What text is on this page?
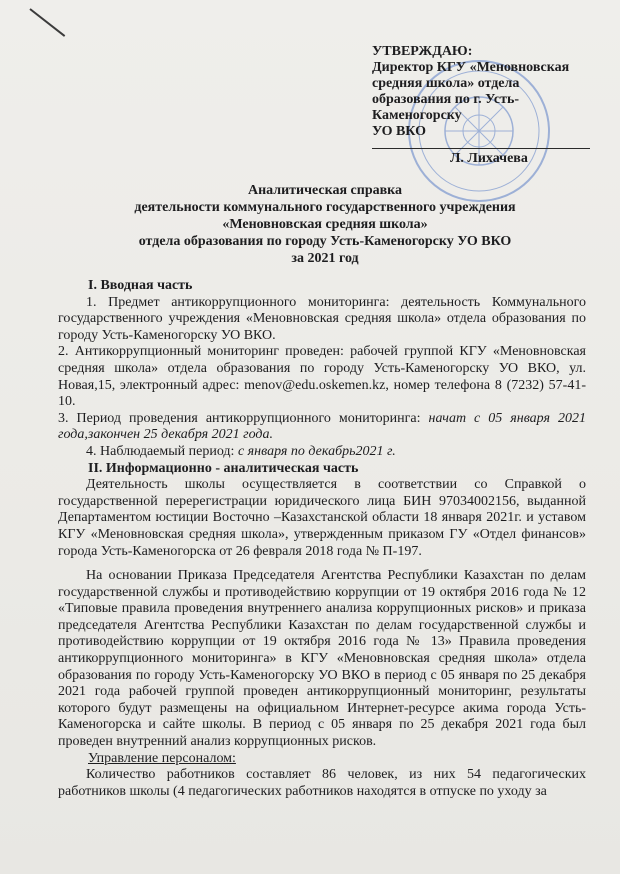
УТВЕРЖДАЮ:
Директор КГУ «Меновновская
средняя школа» отдела
образования по г. Усть-
Каменогорску
УО ВКО
Л. Лихачева
Аналитическая справка
деятельности коммунального государственного учреждения
«Меновновская средняя школа»
отдела образования по городу Усть-Каменогорску УО ВКО
за 2021 год

I. Вводная часть

1. Предмет антикоррупционного мониторинга: деятельность Коммунального государственного учреждения «Меновновская средняя школа» отдела образования по городу Усть-Каменогорску УО ВКО.

2. Антикоррупционный мониторинг проведен: рабочей группой КГУ «Меновновская средняя школа» отдела образования по городу Усть-Каменогорску УО ВКО, ул. Новая,15, электронный адрес: menov@edu.oskemen.kz, номер телефона 8 (7232) 57-41-10.

3. Период проведения антикоррупционного мониторинга: начат с 05 января 2021 года,закончен 25 декабря 2021 года.

4. Наблюдаемый период: с января по декабрь2021 г.

II. Информационно - аналитическая часть

Деятельность школы осуществляется в соответствии со Справкой о государственной перерегистрации юридического лица БИН 97034002156, выданной Департаментом юстиции Восточно –Казахстанской области 18 января 2021г. и уставом КГУ «Меновновская средняя школа», утвержденным приказом ГУ «Отдел финансов» города Усть-Каменогорска от 26 февраля 2018 года № П-197.

На основании Приказа Председателя Агентства Республики Казахстан по делам государственной службы и противодействию коррупции от 19 октября 2016 года № 12 «Типовые правила проведения внутреннего анализа коррупционных рисков» и приказа председателя Агентства Республики Казахстан по делам государственной службы и противодействию коррупции от 19 октября 2016 года № 13» Правила проведения антикоррупционного мониторинга» в КГУ «Меновновская средняя школа» отдела образования по городу Усть-Каменогорску УО ВКО в период с 05 января по 25 декабря 2021 года рабочей группой проведен антикоррупционный мониторинг, результаты которого будут размещены на официальном Интернет-ресурсе акима города Усть-Каменогорска и сайте школы. В период с 05 января по 25 декабря 2021 года был проведен внутренний анализ коррупционных рисков.

Управление персоналом:

Количество работников составляет 86 человек, из них 54 педагогических работников школы (4 педагогических работников находятся в отпуске по уходу за
